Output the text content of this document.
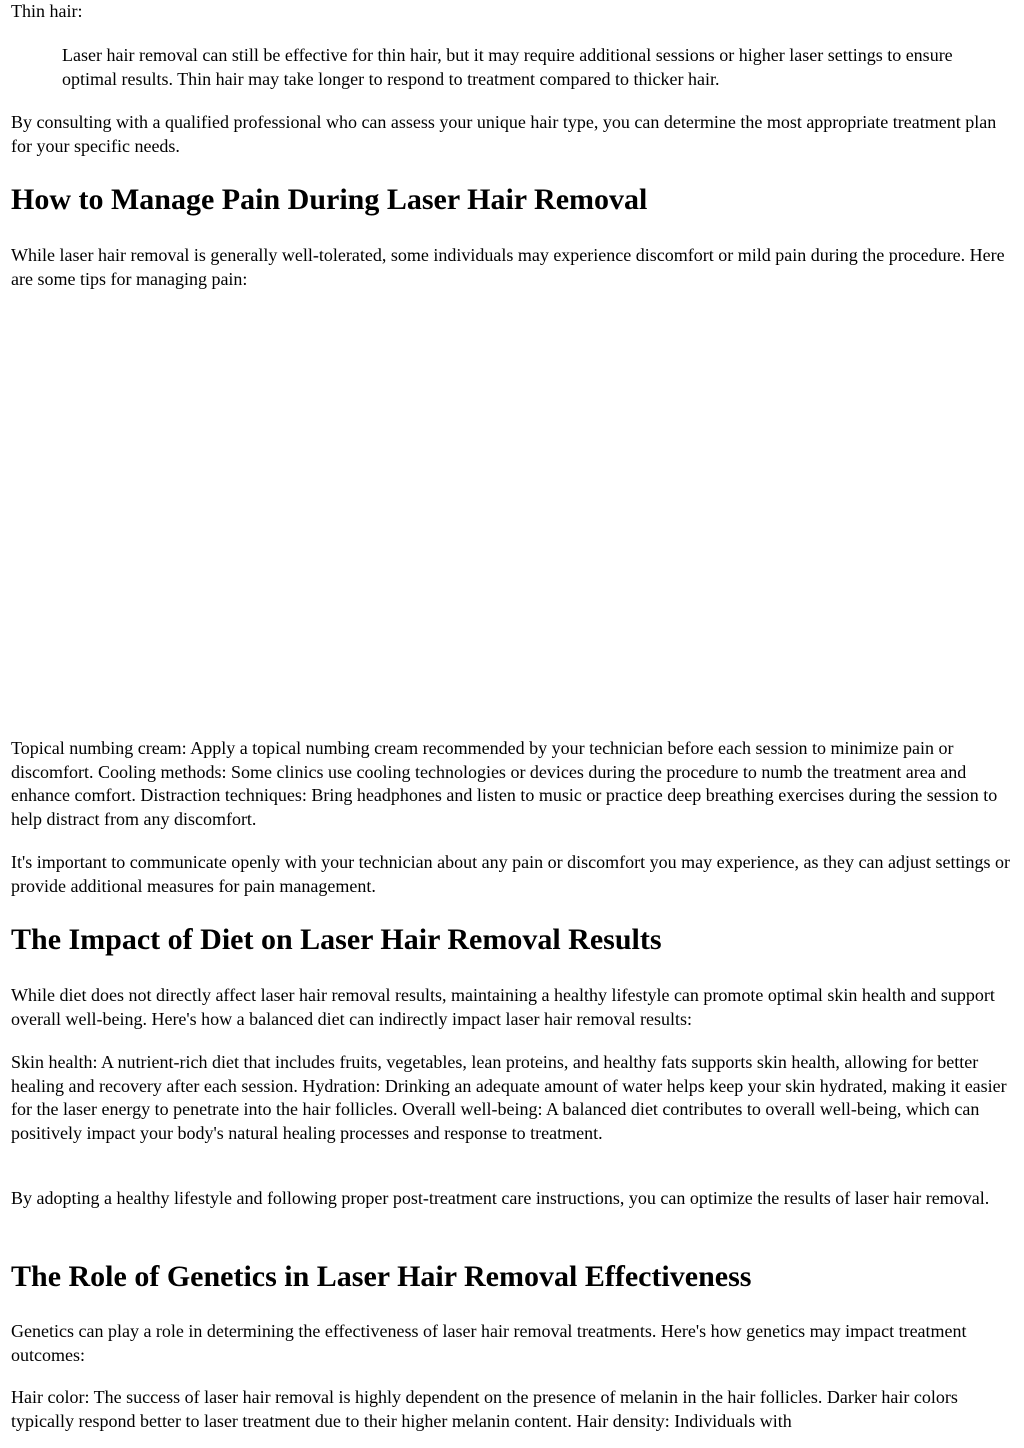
Thin hair:

Laser hair removal can still be effective for thin hair, but it may require additional sessions or higher laser settings to ensure optimal results. Thin hair may take longer to respond to treatment compared to thicker hair.

By consulting with a qualified professional who can assess your unique hair type, you can determine the most appropriate treatment plan for your specific needs.

How to Manage Pain During Laser Hair Removal

While laser hair removal is generally well-tolerated, some individuals may experience discomfort or mild pain during the procedure. Here are some tips for managing pain:

Topical numbing cream: Apply a topical numbing cream recommended by your technician before each session to minimize pain or discomfort. Cooling methods: Some clinics use cooling technologies or devices during the procedure to numb the treatment area and enhance comfort. Distraction techniques: Bring headphones and listen to music or practice deep breathing exercises during the session to help distract from any discomfort.

It's important to communicate openly with your technician about any pain or discomfort you may experience, as they can adjust settings or provide additional measures for pain management.

The Impact of Diet on Laser Hair Removal Results

While diet does not directly affect laser hair removal results, maintaining a healthy lifestyle can promote optimal skin health and support overall well-being. Here's how a balanced diet can indirectly impact laser hair removal results:

Skin health: A nutrient-rich diet that includes fruits, vegetables, lean proteins, and healthy fats supports skin health, allowing for better healing and recovery after each session. Hydration: Drinking an adequate amount of water helps keep your skin hydrated, making it easier for the laser energy to penetrate into the hair follicles. Overall well-being: A balanced diet contributes to overall well-being, which can positively impact your body's natural healing processes and response to treatment.

By adopting a healthy lifestyle and following proper post-treatment care instructions, you can optimize the results of laser hair removal.

The Role of Genetics in Laser Hair Removal Effectiveness

Genetics can play a role in determining the effectiveness of laser hair removal treatments. Here's how genetics may impact treatment outcomes:

Hair color: The success of laser hair removal is highly dependent on the presence of melanin in the hair follicles. Darker hair colors typically respond better to laser treatment due to their higher melanin content. Hair density: Individuals with
